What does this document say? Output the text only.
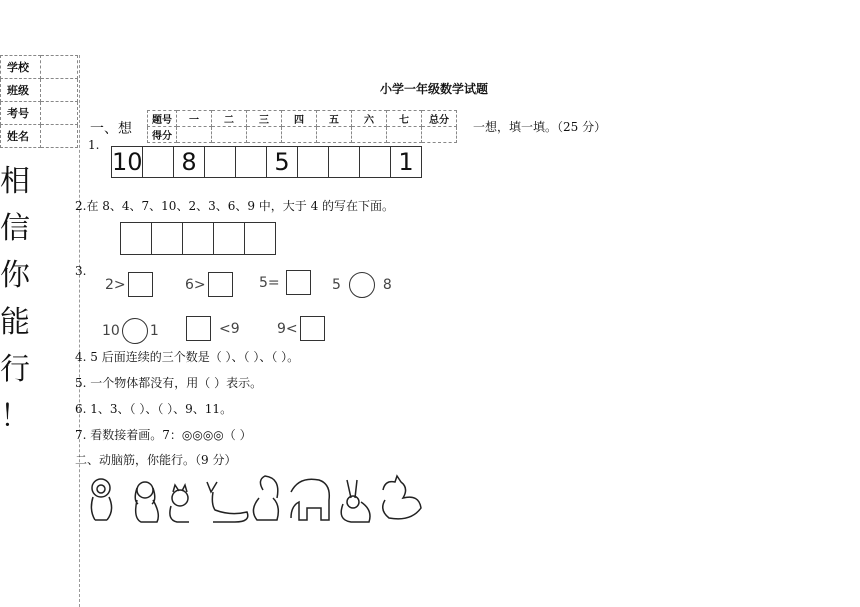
学校	
班级	
考号	
姓名	
相
信
你
能
行
！
小学一年级数学试题
题号	一	二	三	四	五	六	七	总分
得分								
一、想	一想，填一填。（25 分）
1.
10	8	5	1
2.在 8、4、7、10、2、3、6、9 中，大于 4 的写在下面。
3.
2>	6>	5=	5	8
10 1	<9	9<
4. 5 后面连续的三个数是（ ）、（ ）、（ ）。
5. 一个物体都没有，用（ ）表示。
6. 1、3、（ ）、（ ）、9、11。
7. 看数接着画。7：◎◎◎◎（ ）
二、动脑筋，你能行。（9 分）
